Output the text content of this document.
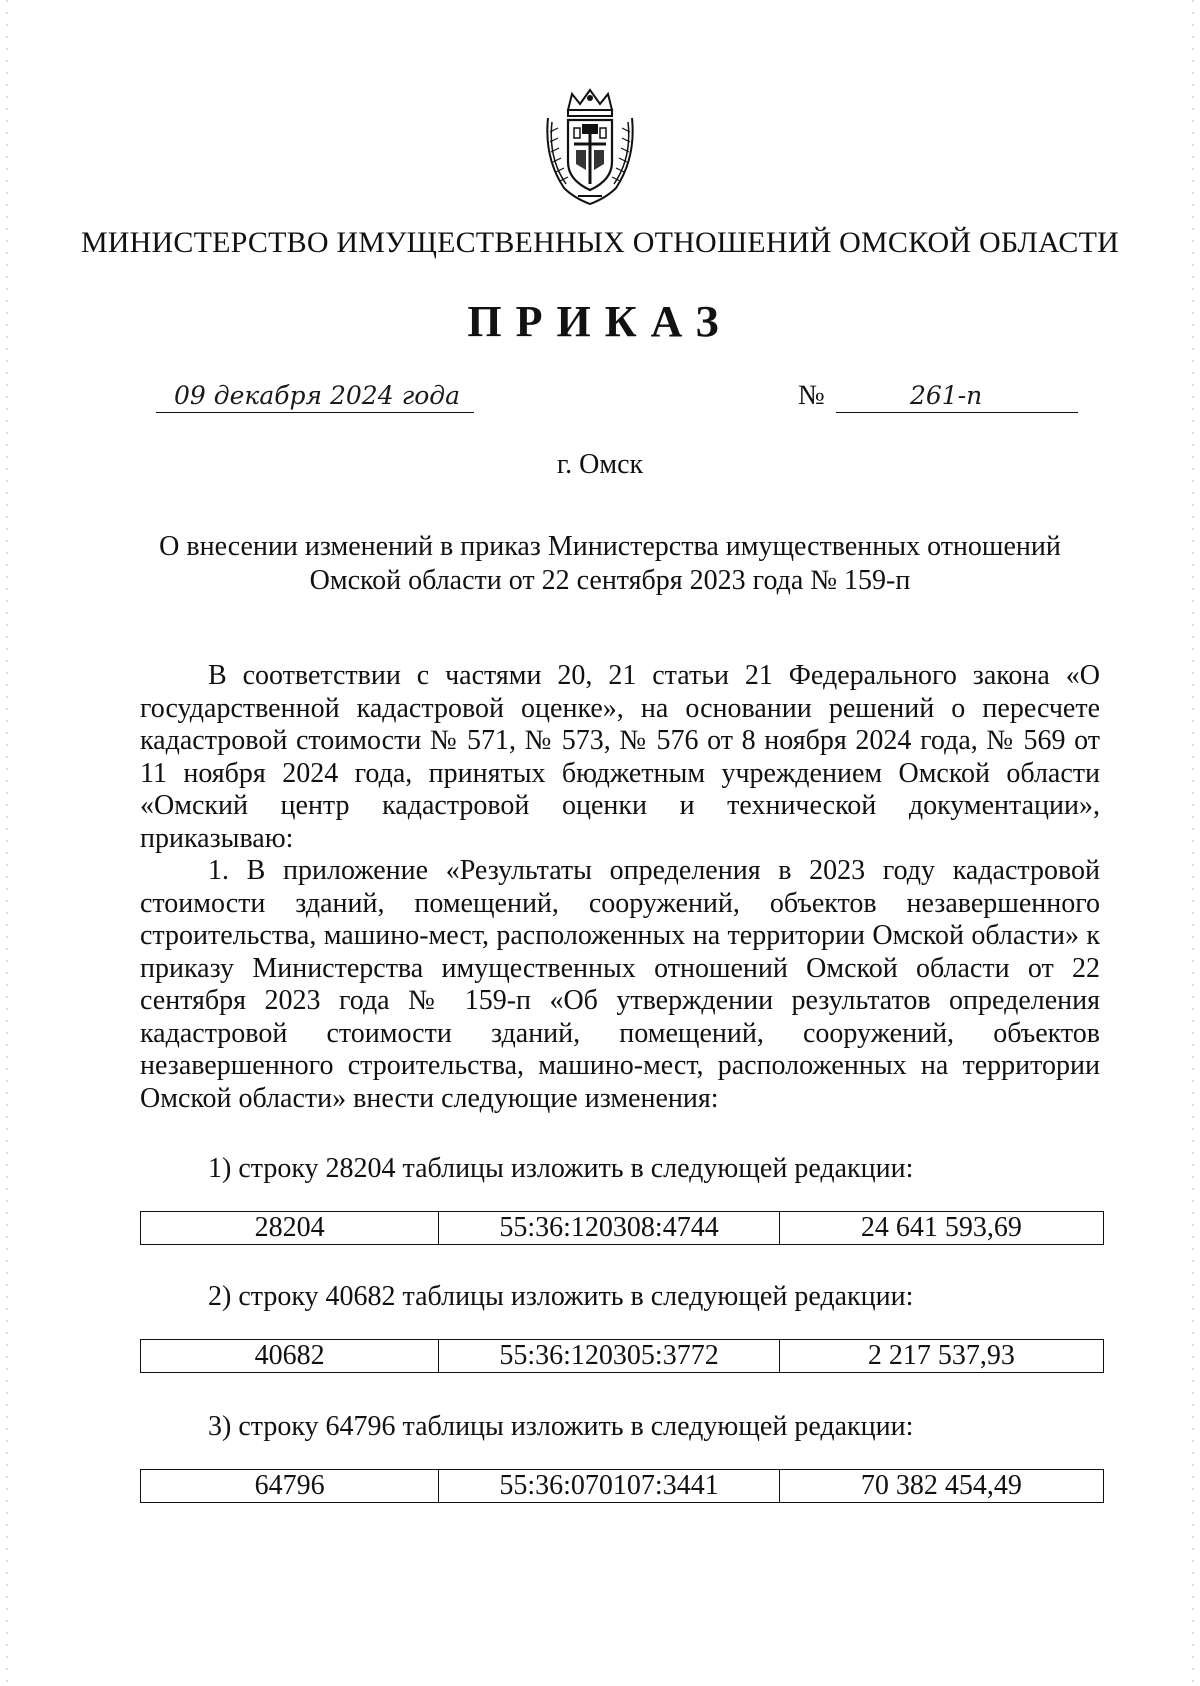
МИНИСТЕРСТВО ИМУЩЕСТВЕННЫХ ОТНОШЕНИЙ ОМСКОЙ ОБЛАСТИ
ПРИКАЗ
09 декабря 2024 года	№	261-п
г. Омск
О внесении изменений в приказ Министерства имущественных отношений
Омской области от 22 сентября 2023 года № 159-п

В соответствии с частями 20, 21 статьи 21 Федерального закона «О государственной кадастровой оценке», на основании решений о пересчете кадастровой стоимости № 571, № 573, № 576 от 8 ноября 2024 года, № 569 от 11 ноября 2024 года, принятых бюджетным учреждением Омской области «Омский центр кадастровой оценки и технической документации», приказываю:

1. В приложение «Результаты определения в 2023 году кадастровой стоимости зданий, помещений, сооружений, объектов незавершенного строительства, машино-мест, расположенных на территории Омской области» к приказу Министерства имущественных отношений Омской области от 22 сентября 2023 года № 159-п «Об утверждении результатов определения кадастровой стоимости зданий, помещений, сооружений, объектов незавершенного строительства, машино-мест, расположенных на территории Омской области» внести следующие изменения:

1) строку 28204 таблицы изложить в следующей редакции:
28204	55:36:120308:4744	24 641 593,69
2) строку 40682 таблицы изложить в следующей редакции:
40682	55:36:120305:3772	2 217 537,93
3) строку 64796 таблицы изложить в следующей редакции:
64796	55:36:070107:3441	70 382 454,49
